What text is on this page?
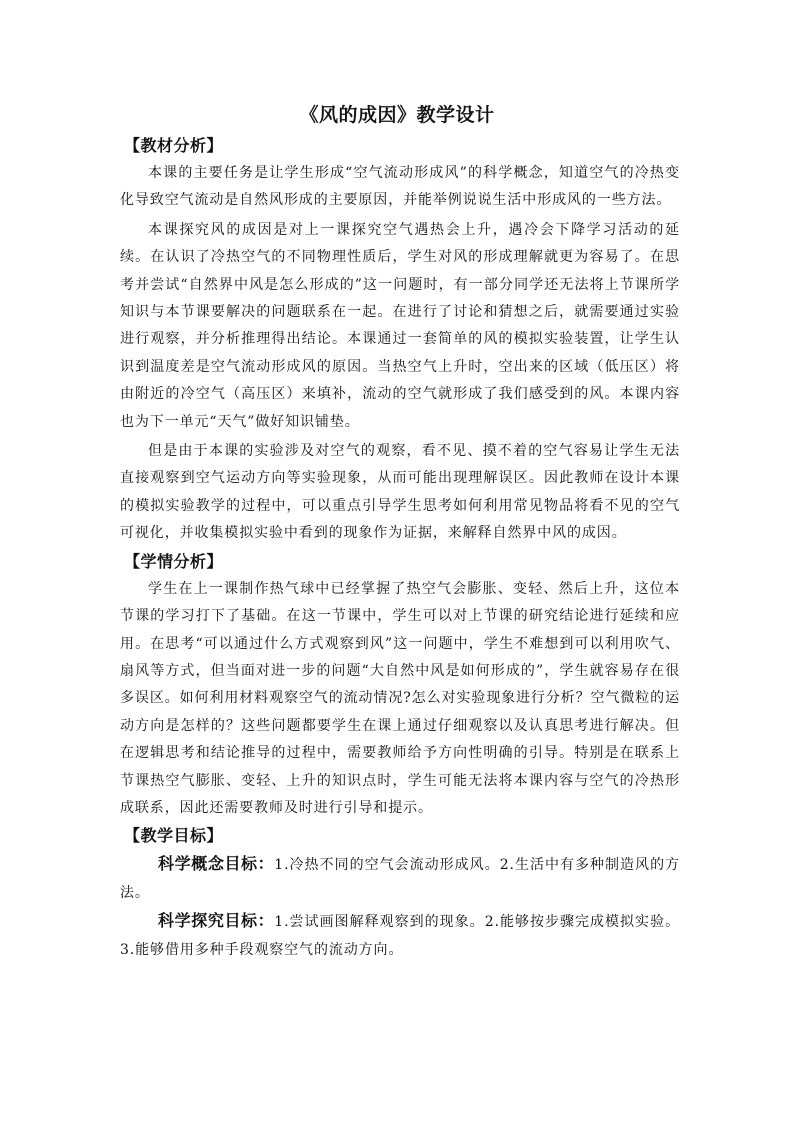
《风的成因》教学设计
【教材分析】

本课的主要任务是让学生形成“空气流动形成风”的科学概念，知道空气的冷热变化导致空气流动是自然风形成的主要原因，并能举例说说生活中形成风的一些方法。

本课探究风的成因是对上一课探究空气遇热会上升，遇冷会下降学习活动的延续。在认识了冷热空气的不同物理性质后，学生对风的形成理解就更为容易了。在思考并尝试“自然界中风是怎么形成的”这一问题时，有一部分同学还无法将上节课所学知识与本节课要解决的问题联系在一起。在进行了讨论和猜想之后，就需要通过实验进行观察，并分析推理得出结论。本课通过一套简单的风的模拟实验装置，让学生认识到温度差是空气流动形成风的原因。当热空气上升时，空出来的区域（低压区）将由附近的冷空气（高压区）来填补，流动的空气就形成了我们感受到的风。本课内容也为下一单元“天气”做好知识铺垫。

但是由于本课的实验涉及对空气的观察，看不见、摸不着的空气容易让学生无法直接观察到空气运动方向等实验现象，从而可能出现理解误区。因此教师在设计本课的模拟实验教学的过程中，可以重点引导学生思考如何利用常见物品将看不见的空气可视化，并收集模拟实验中看到的现象作为证据，来解释自然界中风的成因。

【学情分析】

学生在上一课制作热气球中已经掌握了热空气会膨胀、变轻、然后上升，这位本节课的学习打下了基础。在这一节课中，学生可以对上节课的研究结论进行延续和应用。在思考“可以通过什么方式观察到风”这一问题中，学生不难想到可以利用吹气、扇风等方式，但当面对进一步的问题“大自然中风是如何形成的”，学生就容易存在很多误区。如何利用材料观察空气的流动情况?怎么对实验现象进行分析？空气微粒的运动方向是怎样的？这些问题都要学生在课上通过仔细观察以及认真思考进行解决。但在逻辑思考和结论推导的过程中，需要教师给予方向性明确的引导。特别是在联系上节课热空气膨胀、变轻、上升的知识点时，学生可能无法将本课内容与空气的冷热形成联系，因此还需要教师及时进行引导和提示。

【教学目标】

科学概念目标：1.冷热不同的空气会流动形成风。2.生活中有多种制造风的方法。

科学探究目标：1.尝试画图解释观察到的现象。2.能够按步骤完成模拟实验。3.能够借用多种手段观察空气的流动方向。
